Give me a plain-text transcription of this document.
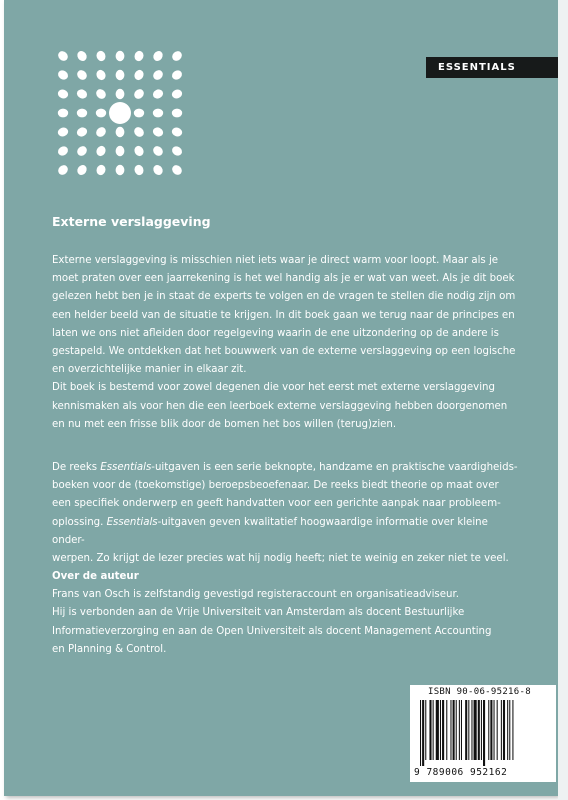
ESSENTIALS
Externe verslaggeving

Externe verslaggeving is misschien niet iets waar je direct warm voor loopt. Maar als je

moet praten over een jaarrekening is het wel handig als je er wat van weet. Als je dit boek

gelezen hebt ben je in staat de experts te volgen en de vragen te stellen die nodig zijn om

een helder beeld van de situatie te krijgen. In dit boek gaan we terug naar de principes en

laten we ons niet afleiden door regelgeving waarin de ene uitzondering op de andere is

gestapeld. We ontdekken dat het bouwwerk van de externe verslaggeving op een logische

en overzichtelijke manier in elkaar zit.

Dit boek is bestemd voor zowel degenen die voor het eerst met externe verslaggeving

kennismaken als voor hen die een leerboek externe verslaggeving hebben doorgenomen

en nu met een frisse blik door de bomen het bos willen (terug)zien.

De reeks Essentials-uitgaven is een serie beknopte, handzame en praktische vaardigheids-

boeken voor de (toekomstige) beroepsbeoefenaar. De reeks biedt theorie op maat over

een specifiek onderwerp en geeft handvatten voor een gerichte aanpak naar probleem-

oplossing. Essentials-uitgaven geven kwalitatief hoogwaardige informatie over kleine onder-

werpen. Zo krijgt de lezer precies wat hij nodig heeft; niet te weinig en zeker niet te veel.

Over de auteur

Frans van Osch is zelfstandig gevestigd registeraccount en organisatieadviseur.

Hij is verbonden aan de Vrije Universiteit van Amsterdam als docent Bestuurlijke

Informatieverzorging en aan de Open Universiteit als docent Management Accounting

en Planning & Control.

ISBN 90-06-95216-8
9 789006 952162
